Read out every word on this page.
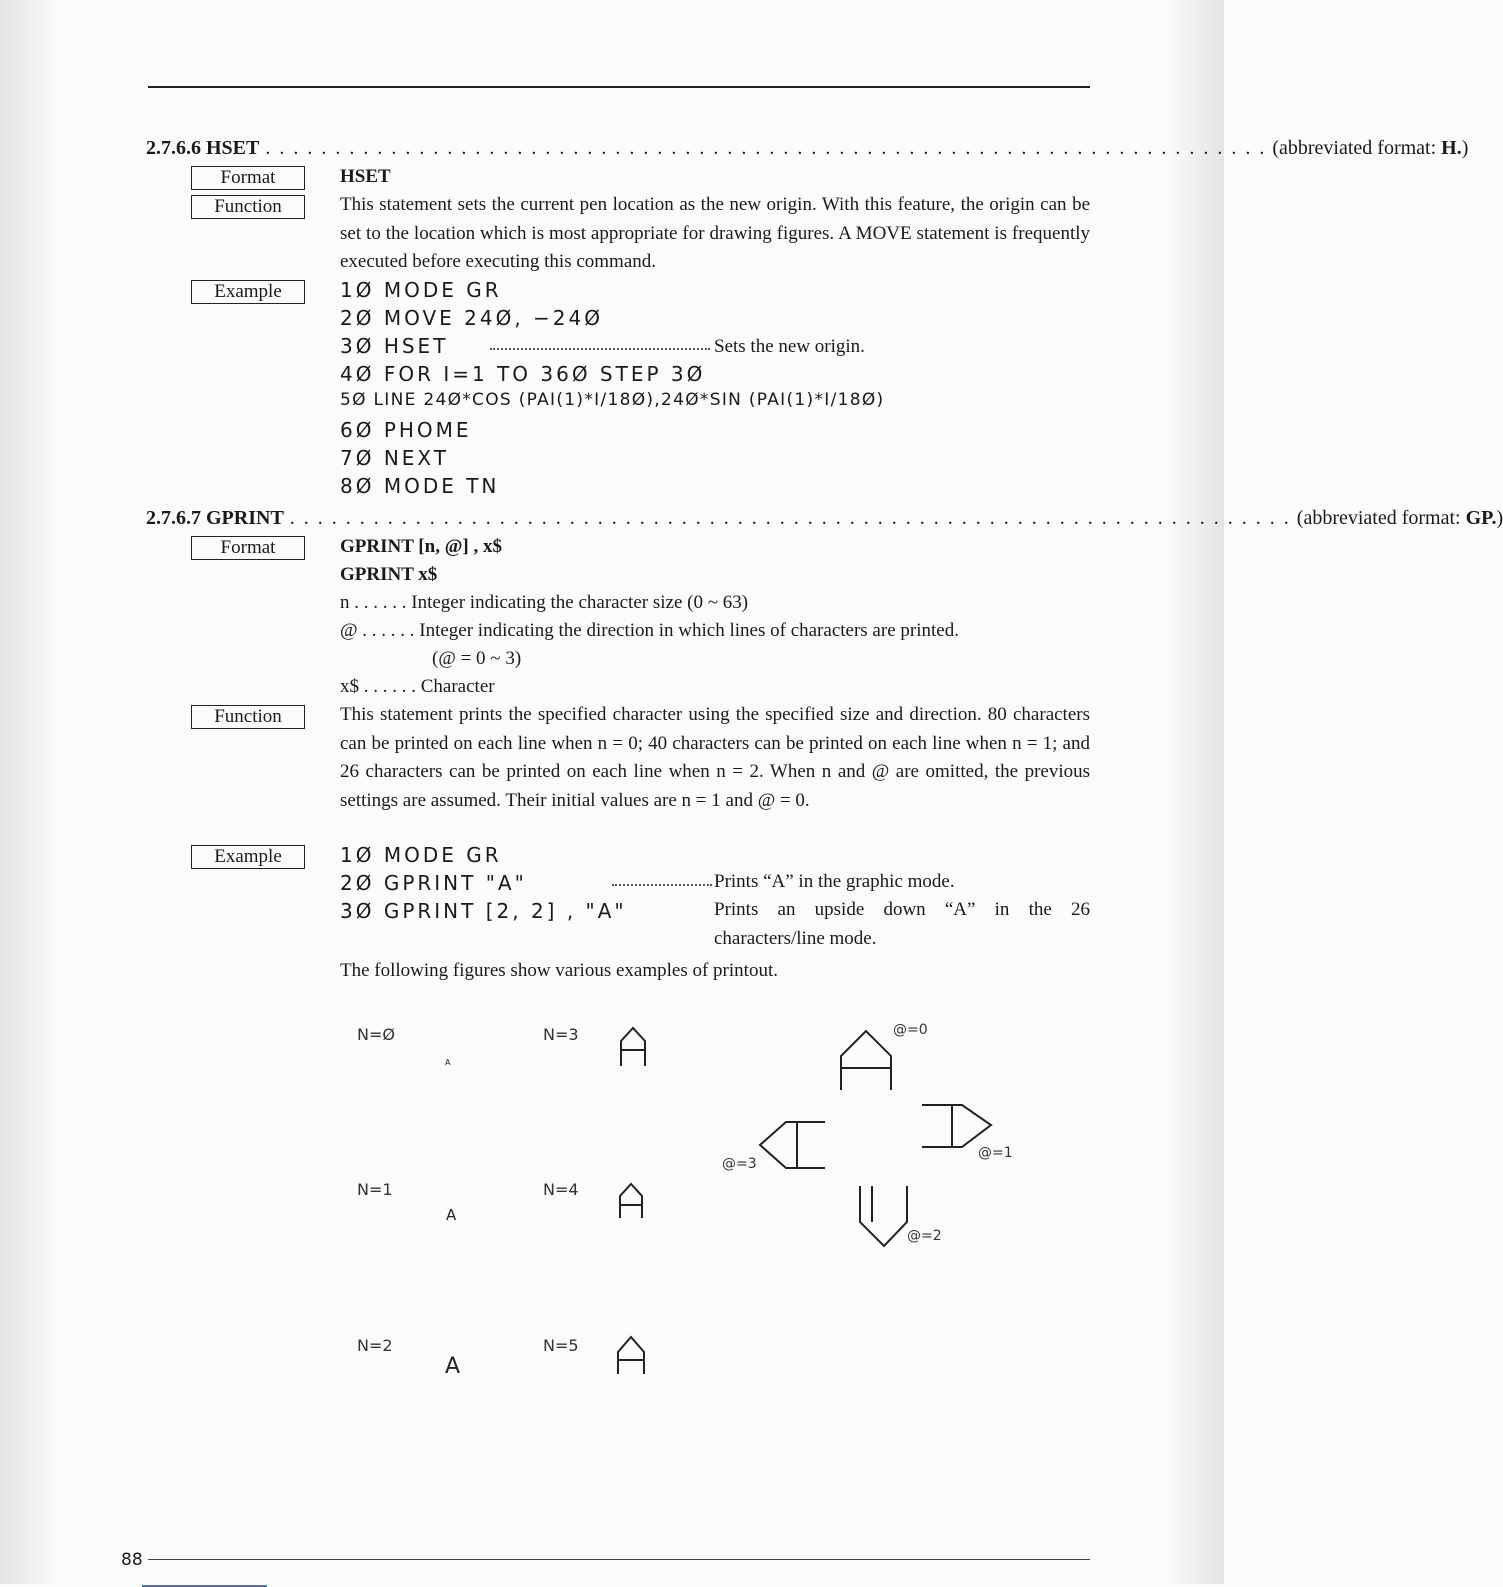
2.7.6.6 HSET . . . . . . . . . . . . . . . . . . . . . . . . . . . . . . . . . . . . . . . . . . . . . . . . . . . . . . . . . . . . . . . . . . . . . . . . (abbreviated format: H.)
Format	HSET
Function	This statement sets the current pen location as the new origin. With this feature, the origin can be set to the location which is most appropriate for drawing figures. A MOVE statement is frequently executed before executing this command.
Example	1Ø MODE GR
2Ø MOVE 24Ø, −24Ø
3Ø HSET	Sets the new origin.
4Ø FOR I=1 TO 36Ø STEP 3Ø
5Ø LINE 24Ø*COS (PAI(1)*I/18Ø),24Ø*SIN (PAI(1)*I/18Ø)
6Ø PHOME
7Ø NEXT
8Ø MODE TN
2.7.6.7 GPRINT . . . . . . . . . . . . . . . . . . . . . . . . . . . . . . . . . . . . . . . . . . . . . . . . . . . . . . . . . . . . . . . . . . . . . . . . (abbreviated format: GP.)
Format	GPRINT [n, @] , x$
GPRINT x$
n . . . . . . Integer indicating the character size (0 ~ 63)
@ . . . . . . Integer indicating the direction in which lines of characters are printed.
(@ = 0 ~ 3)
x$ . . . . . . Character
Function	This statement prints the specified character using the specified size and direction. 80 characters can be printed on each line when n = 0; 40 characters can be printed on each line when n = 1; and 26 characters can be printed on each line when n = 2. When n and @ are omitted, the previous settings are assumed. Their initial values are n = 1 and @ = 0.
Example	1Ø MODE GR
2Ø GPRINT "A"	Prints “A” in the graphic mode.
3Ø GPRINT [2, 2] , "A"	Prints an upside down “A” in the 26
characters/line mode.
The following figures show various examples of printout.
N=Ø
A
N=1
A
N=2
A
N=3
N=4
N=5
@=0
@=1
@=2
@=3
88
